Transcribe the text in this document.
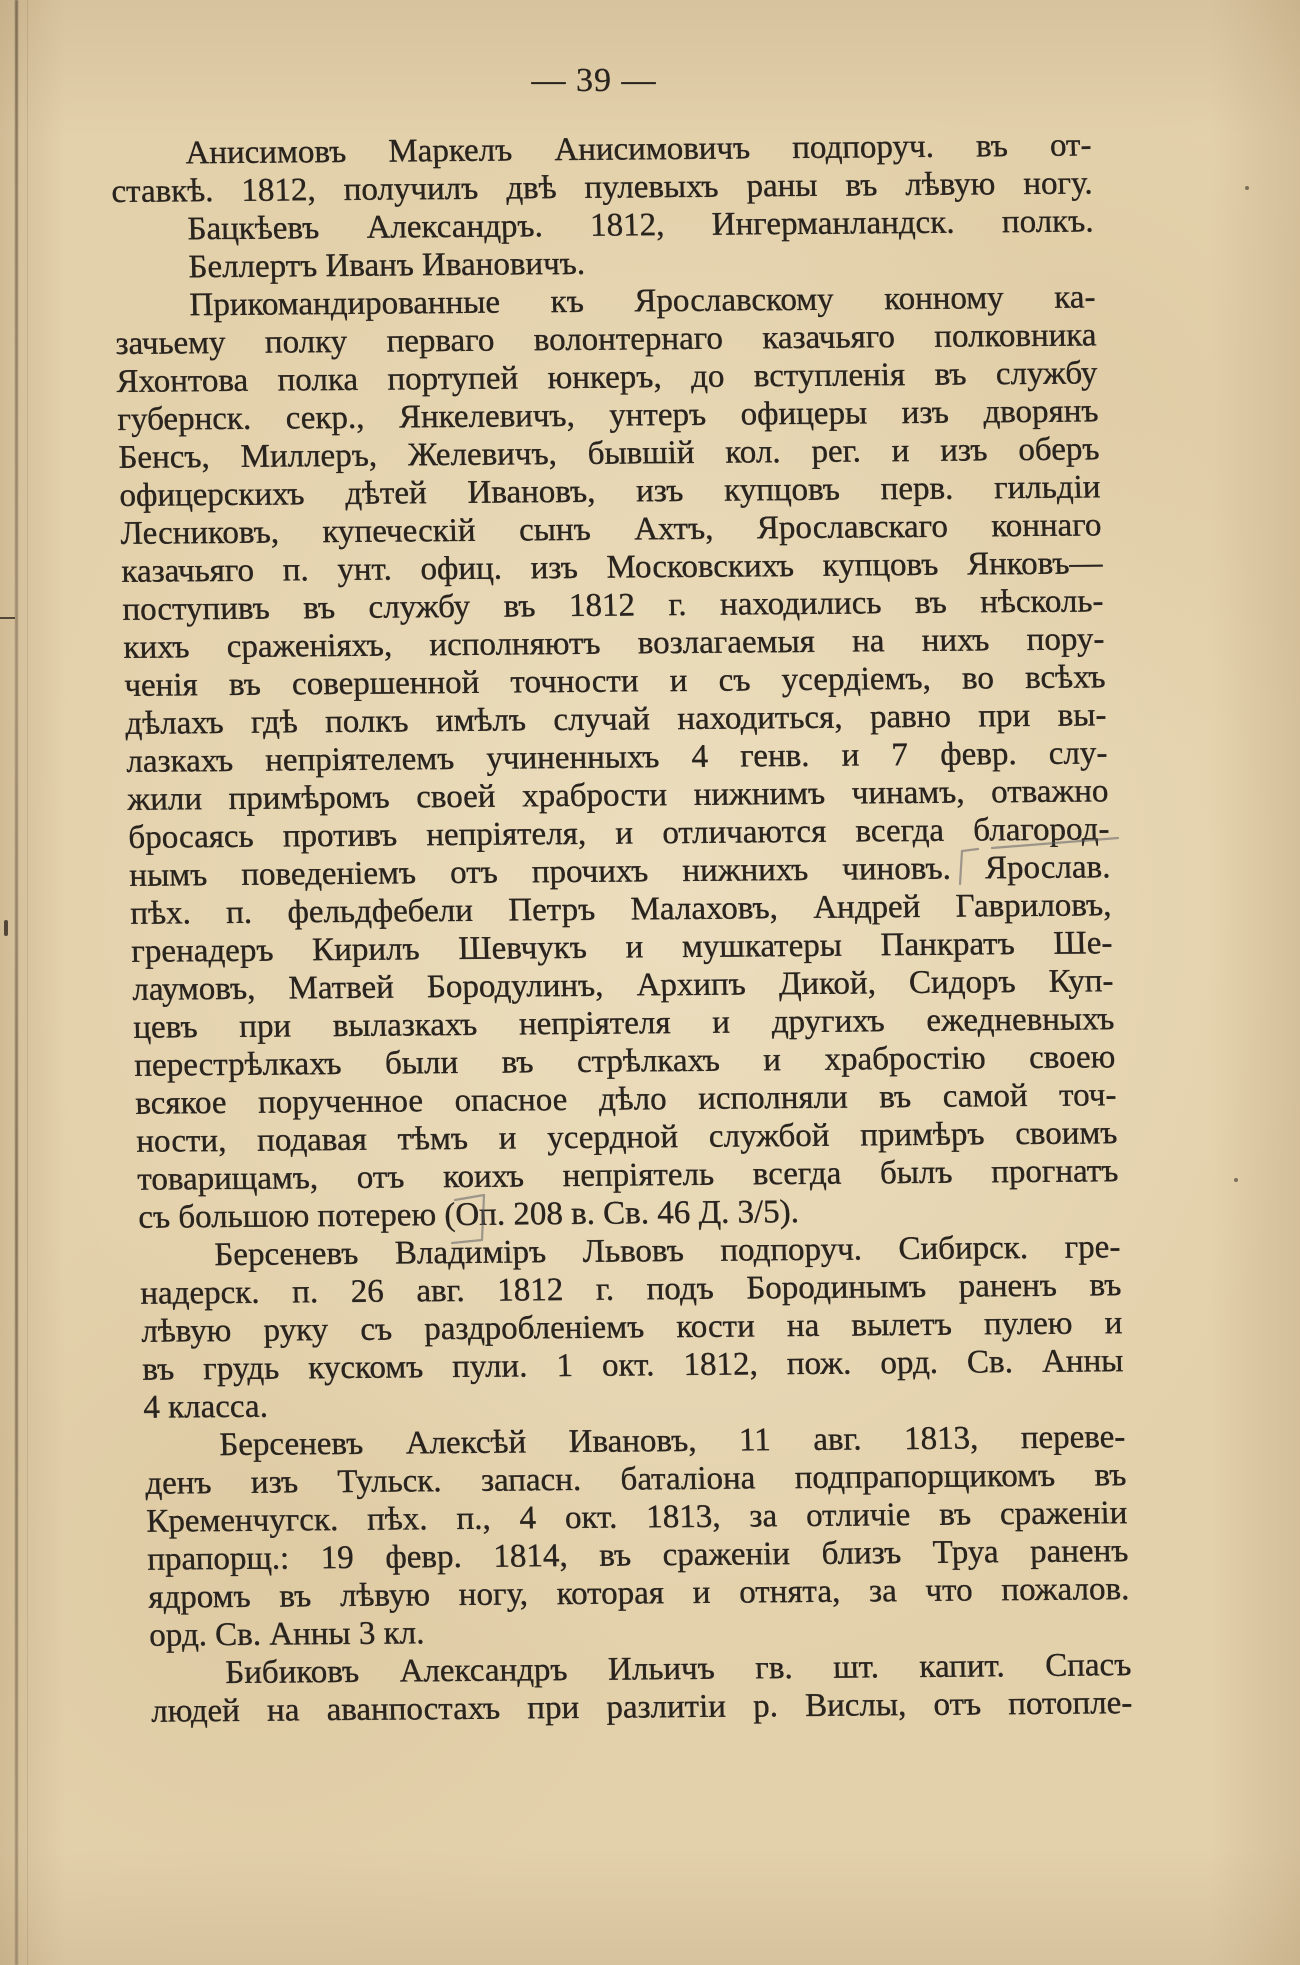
— 39 —
Анисимовъ Маркелъ Анисимовичъ подпоруч. въ от-
ставкѣ. 1812, получилъ двѣ пулевыхъ раны въ лѣвую ногу.
Бацкѣевъ Александръ. 1812, Ингерманландск. полкъ.
Беллертъ Иванъ Ивановичъ.
Прикомандированные къ Ярославскому конному ка-
зачьему полку перваго волонтернаго казачьяго полковника
Яхонтова полка портупей юнкеръ, до вступленія въ службу
губернск. секр., Янкелевичъ, унтеръ офицеры изъ дворянъ
Бенсъ, Миллеръ, Желевичъ, бывшій кол. рег. и изъ оберъ
офицерскихъ дѣтей Ивановъ, изъ купцовъ перв. гильдіи
Лесниковъ, купеческій сынъ Ахтъ, Ярославскаго коннаго
казачьяго п. унт. офиц. изъ Московскихъ купцовъ Янковъ—
поступивъ въ службу въ 1812 г. находились въ нѣсколь-
кихъ сраженіяхъ, исполняютъ возлагаемыя на нихъ пору-
ченія въ совершенной точности и съ усердіемъ, во всѣхъ
дѣлахъ гдѣ полкъ имѣлъ случай находиться, равно при вы-
лазкахъ непріятелемъ учиненныхъ 4 генв. и 7 февр. слу-
жили примѣромъ своей храбрости нижнимъ чинамъ, отважно
бросаясь противъ непріятеля, и отличаются всегда благород-
нымъ поведеніемъ отъ прочихъ нижнихъ чиновъ. Ярослав.
пѣх. п. фельдфебели Петръ Малаховъ, Андрей Гавриловъ,
гренадеръ Кирилъ Шевчукъ и мушкатеры Панкратъ Ше-
лаумовъ, Матвей Бородулинъ, Архипъ Дикой, Сидоръ Куп-
цевъ при вылазкахъ непріятеля и другихъ ежедневныхъ
перестрѣлкахъ были въ стрѣлкахъ и храбростію своею
всякое порученное опасное дѣло исполняли въ самой точ-
ности, подавая тѣмъ и усердной службой примѣръ своимъ
товарищамъ, отъ коихъ непріятель всегда былъ прогнатъ
съ большою потерею (Оп. 208 в. Св. 46 Д. 3/5).
Берсеневъ Владиміръ Львовъ подпоруч. Сибирск. гре-
надерск. п. 26 авг. 1812 г. подъ Бородинымъ раненъ въ
лѣвую руку съ раздробленіемъ кости на вылетъ пулею и
въ грудь кускомъ пули. 1 окт. 1812, пож. орд. Св. Анны
4 класса.
Берсеневъ Алексѣй Ивановъ, 11 авг. 1813, переве-
денъ изъ Тульск. запасн. баталіона подпрапорщикомъ въ
Кременчугск. пѣх. п., 4 окт. 1813, за отличіе въ сраженіи
прапорщ.: 19 февр. 1814, въ сраженіи близъ Труа раненъ
ядромъ въ лѣвую ногу, которая и отнята, за что пожалов.
орд. Св. Анны 3 кл.
Бибиковъ Александръ Ильичъ гв. шт. капит. Спасъ
людей на аванпостахъ при разлитіи р. Вислы, отъ потопле-
